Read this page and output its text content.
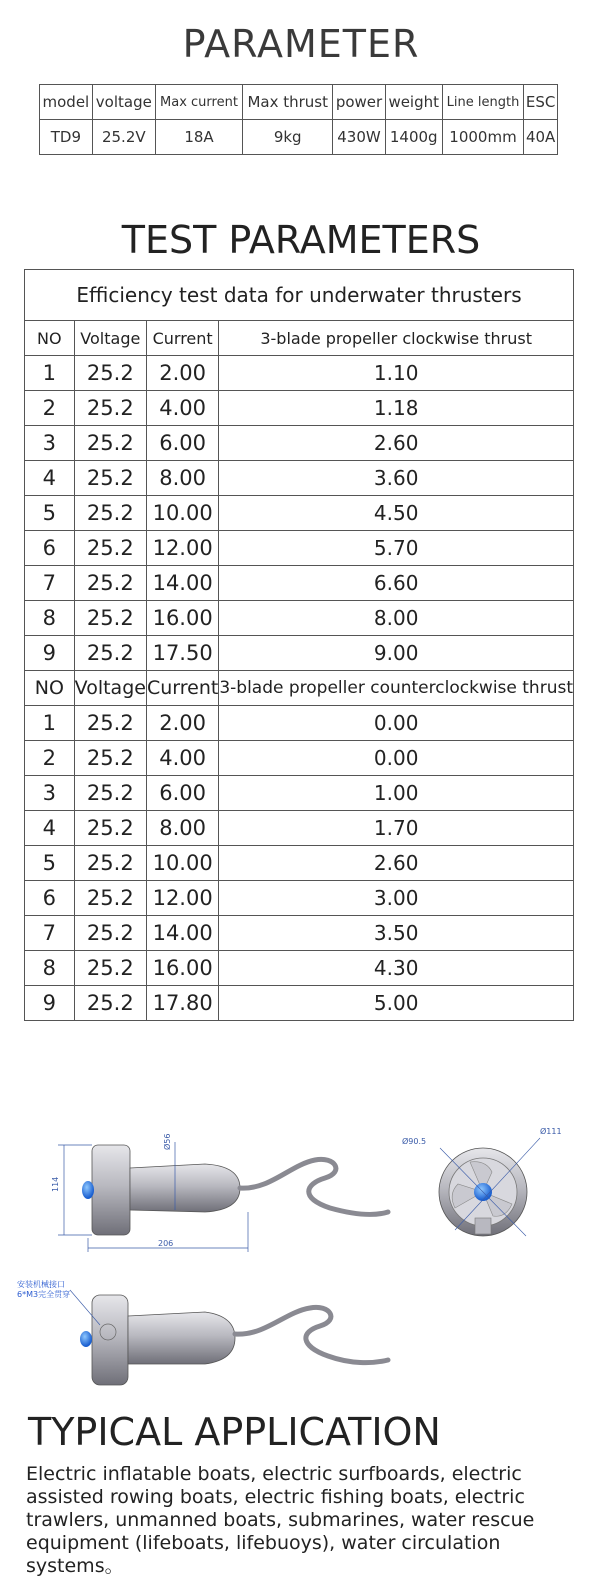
PARAMETER
model	voltage	Max current	Max thrust	power	weight	Line length	ESC
TD9	25.2V	18A	9kg	430W	1400g	1000mm	40A
TEST PARAMETERS
Efficiency test data for underwater thrusters			
NO	Voltage	Current	3-blade propeller clockwise thrust
1	25.2	2.00	1.10
2	25.2	4.00	1.18
3	25.2	6.00	2.60
4	25.2	8.00	3.60
5	25.2	10.00	4.50
6	25.2	12.00	5.70
7	25.2	14.00	6.60
8	25.2	16.00	8.00
9	25.2	17.50	9.00
NO	Voltage	Current	3-blade propeller counterclockwise thrust
1	25.2	2.00	0.00
2	25.2	4.00	0.00
3	25.2	6.00	1.00
4	25.2	8.00	1.70
5	25.2	10.00	2.60
6	25.2	12.00	3.00
7	25.2	14.00	3.50
8	25.2	16.00	4.30
9	25.2	17.80	5.00
114
Ø56
206
Ø90.5
Ø111
安装机械接口
6*M3完全贯穿
TYPICAL APPLICATION
Electric inflatable boats, electric surfboards, electric assisted rowing boats, electric fishing boats, electric trawlers, unmanned boats, submarines, water rescue equipment (lifeboats, lifebuoys), water circulation systems。
